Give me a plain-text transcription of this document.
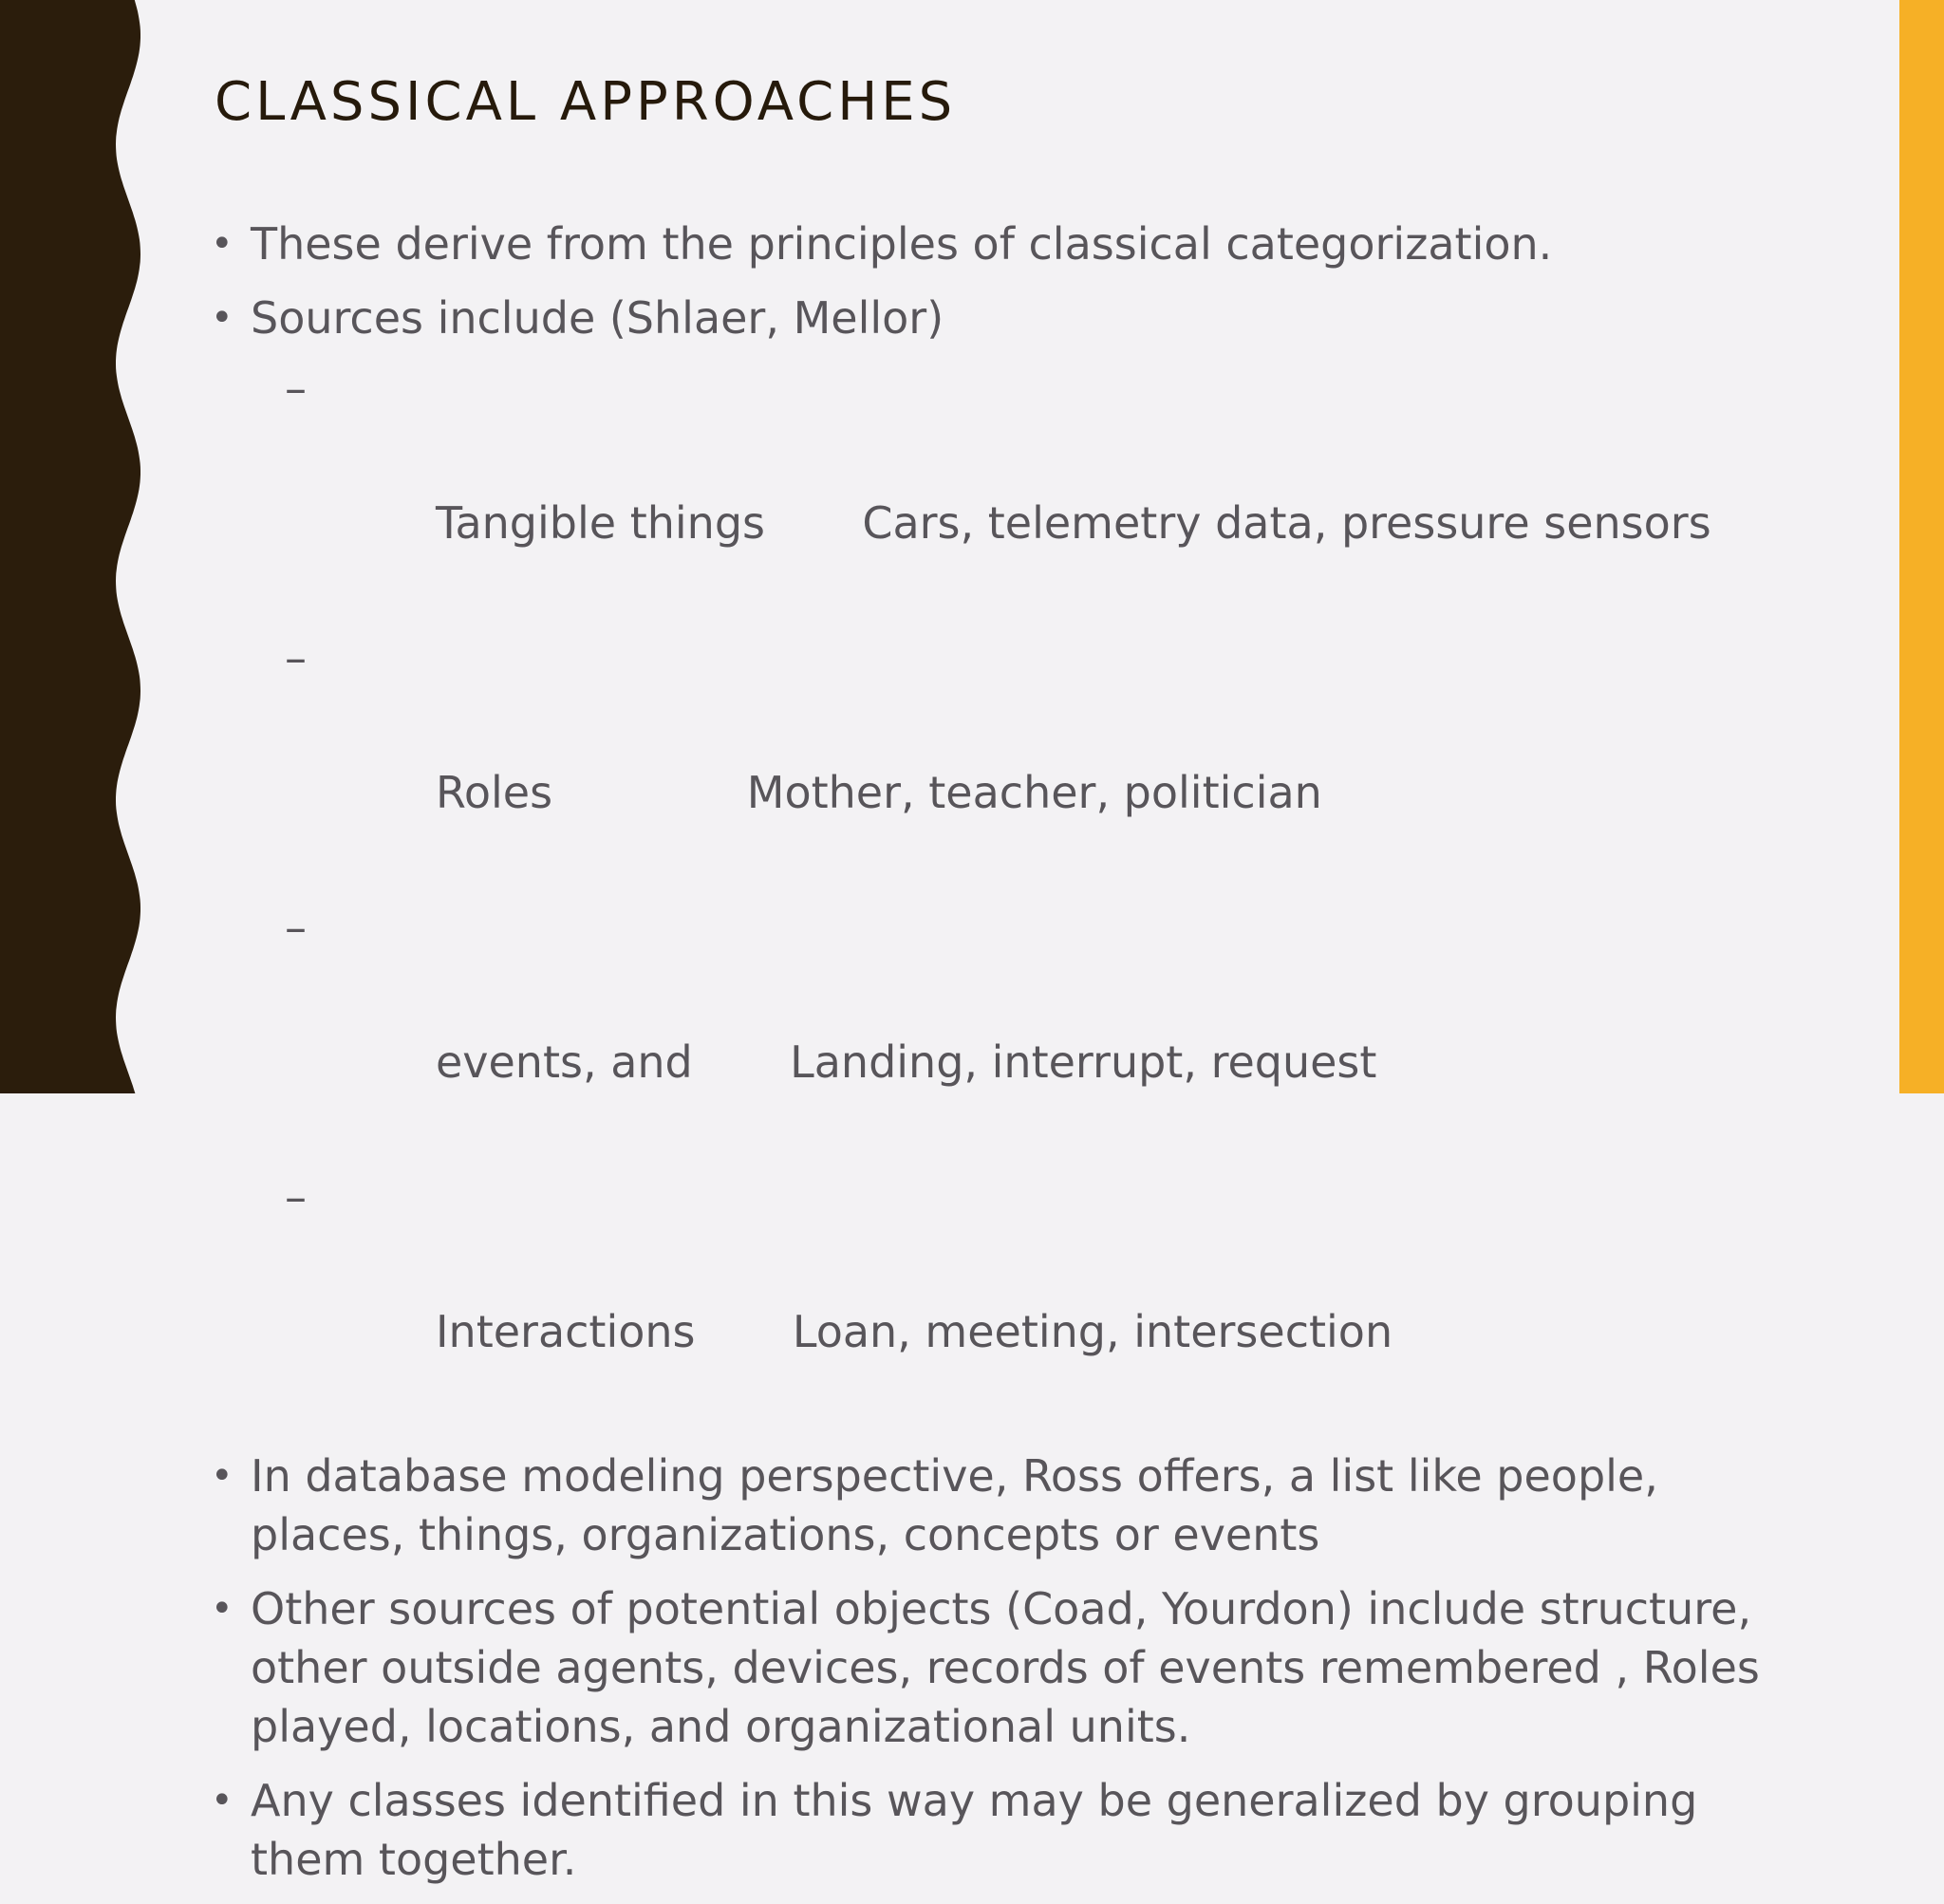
CLASSICAL APPROACHES
• These derive from the principles of classical categorization.
• Sources include (Shlaer, Mellor)

–

Tangible things       Cars, telemetry data, pressure sensors

–

Roles              Mother, teacher, politician

–

events, and       Landing, interrupt, request

–

Interactions       Loan, meeting, intersection

• In database modeling perspective, Ross offers, a list like people, places, things, organizations, concepts or events
• Other sources of potential objects (Coad, Yourdon) include structure, other outside agents, devices, records of events remembered , Roles played, locations, and organizational units.
• Any classes identified in this way may be generalized by grouping them together.
